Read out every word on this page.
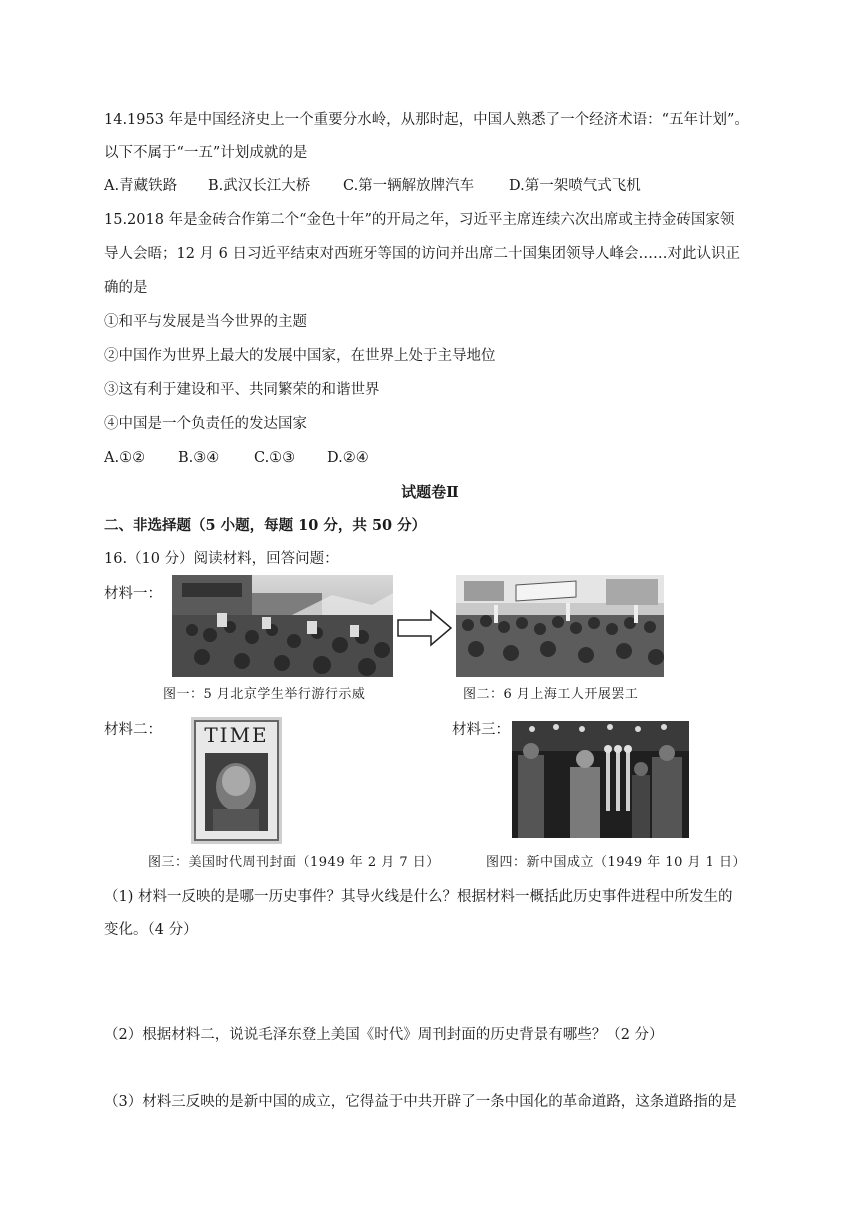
14.1953 年是中国经济史上一个重要分水岭，从那时起，中国人熟悉了一个经济术语：“五年计划”。
以下不属于“一五”计划成就的是
A.青藏铁路 B.武汉长江大桥 C.第一辆解放牌汽车 D.第一架喷气式飞机
15.2018 年是金砖合作第二个“金色十年”的开局之年，习近平主席连续六次出席或主持金砖国家领
导人会晤；12 月 6 日习近平结束对西班牙等国的访问并出席二十国集团领导人峰会……对此认识正
确的是
①和平与发展是当今世界的主题
②中国作为世界上最大的发展中国家，在世界上处于主导地位
③这有利于建设和平、共同繁荣的和谐世界
④中国是一个负责任的发达国家
A.①② B.③④ C.①③ D.②④
试题卷Ⅱ
二、非选择题（5 小题，每题 10 分，共 50 分）
16.（10 分）阅读材料，回答问题：
材料一：
图一：5 月北京学生举行游行示威	图二：6 月上海工人开展罢工
材料二：	TIME	材料三：
图三：美国时代周刊封面（1949 年 2 月 7 日）	图四：新中国成立（1949 年 10 月 1 日）
（1) 材料一反映的是哪一历史事件？其导火线是什么？根据材料一概括此历史事件进程中所发生的
变化。（4 分）
（2）根据材料二，说说毛泽东登上美国《时代》周刊封面的历史背景有哪些？（2 分）
（3）材料三反映的是新中国的成立，它得益于中共开辟了一条中国化的革命道路，这条道路指的是
